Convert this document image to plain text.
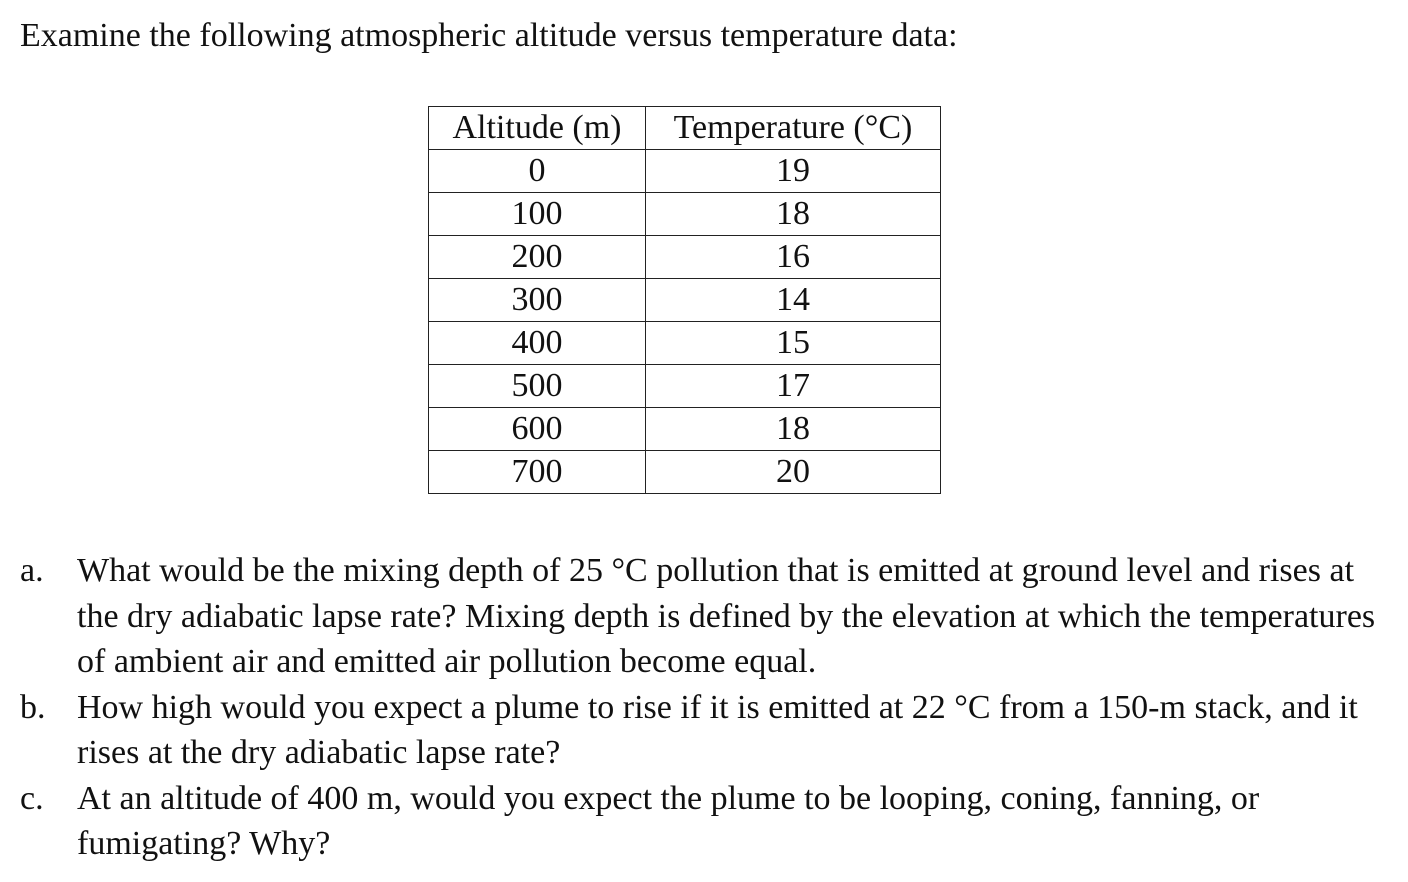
Examine the following atmospheric altitude versus temperature data:
Altitude (m)	Temperature (°C)
0	19
100	18
200	16
300	14
400	15
500	17
600	18
700	20
a. What would be the mixing depth of 25 °C pollution that is emitted at ground level and rises at the dry adiabatic lapse rate? Mixing depth is defined by the elevation at which the temperatures of ambient air and emitted air pollution become equal.
b. How high would you expect a plume to rise if it is emitted at 22 °C from a 150-m stack, and it rises at the dry adiabatic lapse rate?
c. At an altitude of 400 m, would you expect the plume to be looping, coning, fanning, or fumigating? Why?
